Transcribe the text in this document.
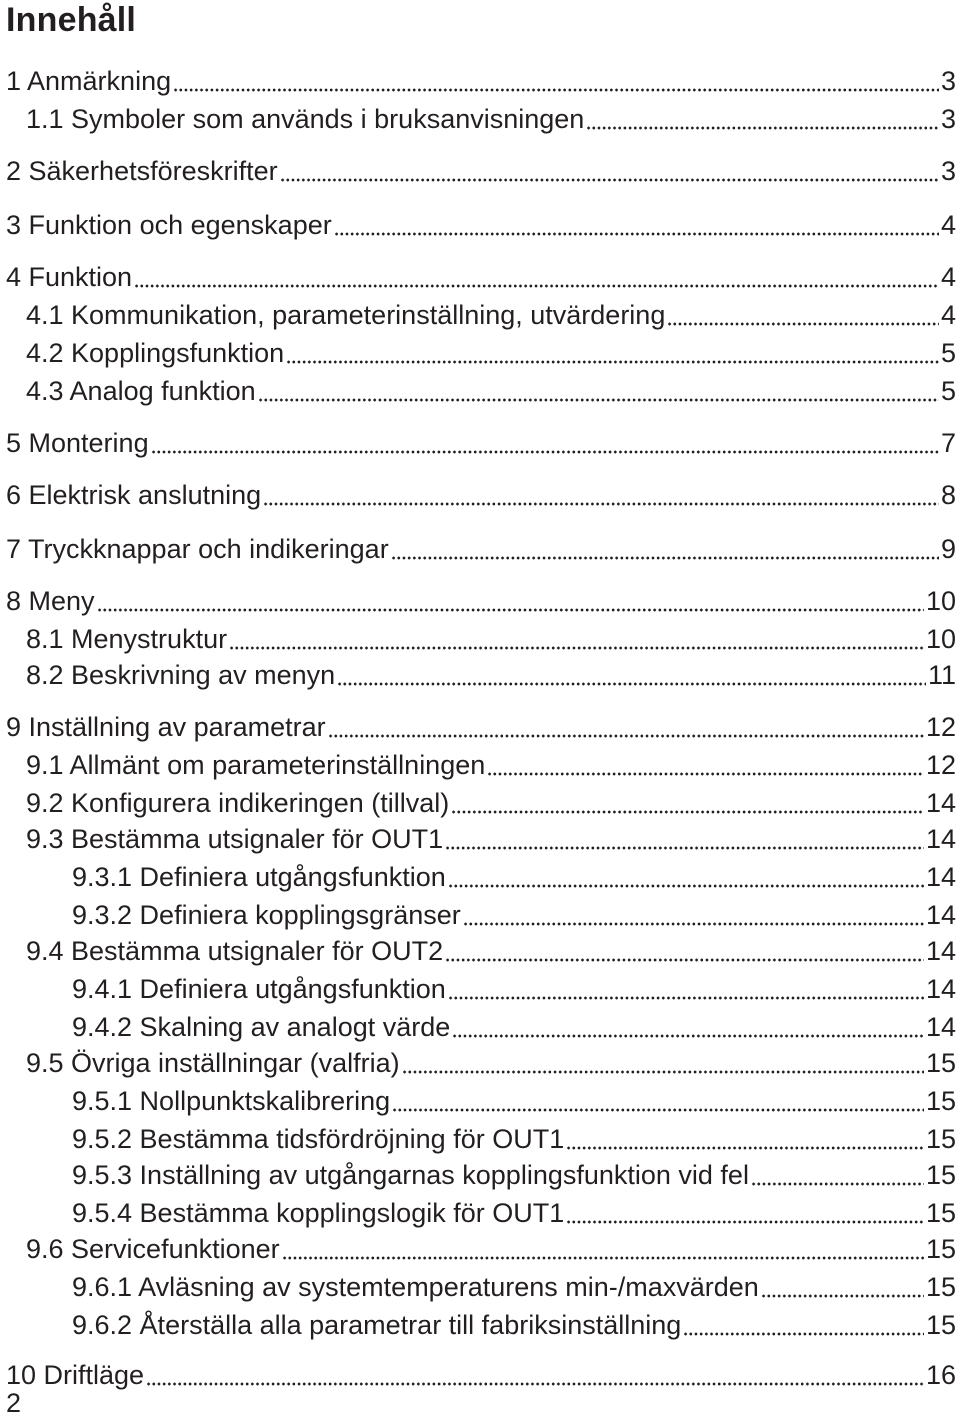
Innehåll
1 Anmärkning	3
1.1 Symboler som används i bruksanvisningen	3
2 Säkerhetsföreskrifter	3
3 Funktion och egenskaper	4
4 Funktion	4
4.1 Kommunikation, parameterinställning, utvärdering	4
4.2 Kopplingsfunktion	5
4.3 Analog funktion	5
5 Montering	7
6 Elektrisk anslutning	8
7 Tryckknappar och indikeringar	9
8 Meny	10
8.1 Menystruktur	10
8.2 Beskrivning av menyn	11
9 Inställning av parametrar	12
9.1 Allmänt om parameterinställningen	12
9.2 Konfigurera indikeringen (tillval)	14
9.3 Bestämma utsignaler för OUT1	14
9.3.1 Definiera utgångsfunktion	14
9.3.2 Definiera kopplingsgränser	14
9.4 Bestämma utsignaler för OUT2	14
9.4.1 Definiera utgångsfunktion	14
9.4.2 Skalning av analogt värde	14
9.5 Övriga inställningar (valfria)	15
9.5.1 Nollpunktskalibrering	15
9.5.2 Bestämma tidsfördröjning för OUT1	15
9.5.3 Inställning av utgångarnas kopplingsfunktion vid fel	15
9.5.4 Bestämma kopplingslogik för OUT1	15
9.6 Servicefunktioner	15
9.6.1 Avläsning av systemtemperaturens min-/maxvärden	15
9.6.2 Återställa alla parametrar till fabriksinställning	15
10 Driftläge	16
2
